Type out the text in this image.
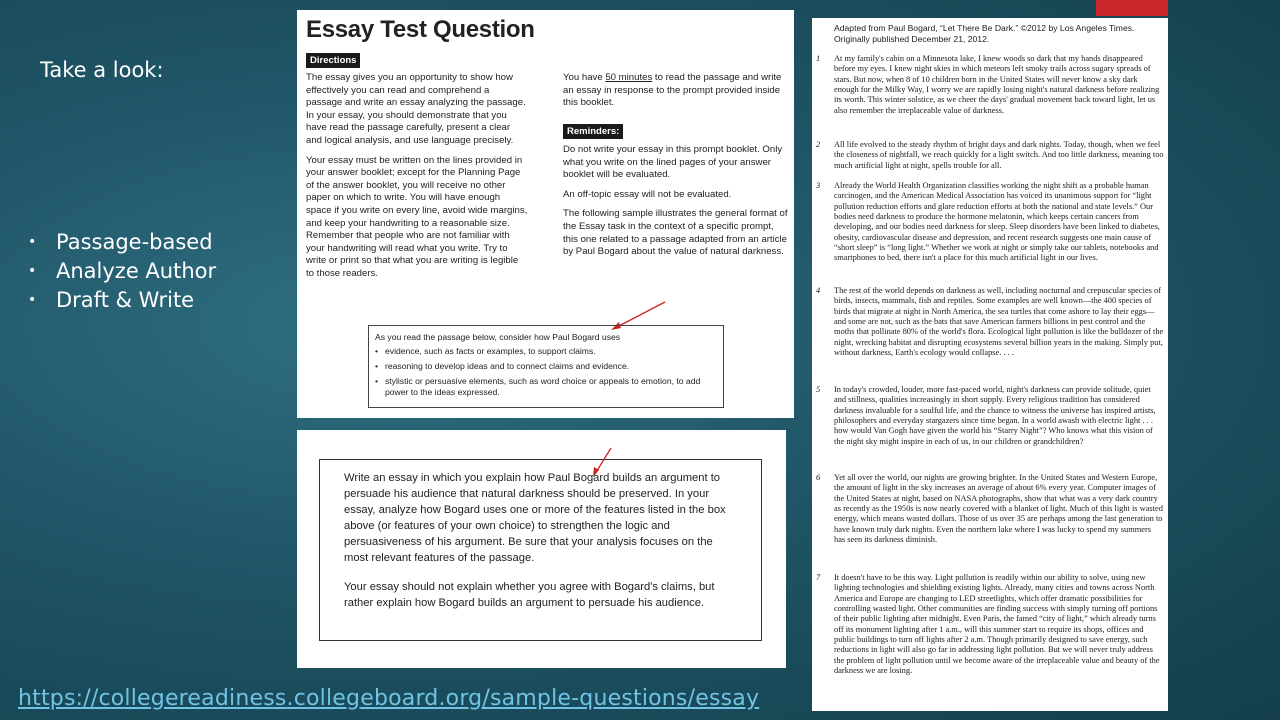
Take a look:
• Passage-based
• Analyze Author
• Draft & Write
Essay Test Question
Directions

The essay gives you an opportunity to show how effectively you can read and comprehend a passage and write an essay analyzing the passage. In your essay, you should demonstrate that you have read the passage carefully, present a clear and logical analysis, and use language precisely.

Your essay must be written on the lines provided in your answer booklet; except for the Planning Page of the answer booklet, you will receive no other paper on which to write. You will have enough space if you write on every line, avoid wide margins, and keep your handwriting to a reasonable size. Remember that people who are not familiar with your handwriting will read what you write. Try to write or print so that what you are writing is legible to those readers.

You have 50 minutes to read the passage and write an essay in response to the prompt provided inside this booklet.

Reminders:

Do not write your essay in this prompt booklet. Only what you write on the lined pages of your answer booklet will be evaluated.

An off-topic essay will not be evaluated.

The following sample illustrates the general format of the Essay task in the context of a specific prompt, this one related to a passage adapted from an article by Paul Bogard about the value of natural darkness.

As you read the passage below, consider how Paul Bogard uses
• evidence, such as facts or examples, to support claims.
• reasoning to develop ideas and to connect claims and evidence.
• stylistic or persuasive elements, such as word choice or appeals to emotion, to add power to the ideas expressed.

Write an essay in which you explain how Paul Bogard builds an argument to persuade his audience that natural darkness should be preserved. In your essay, analyze how Bogard uses one or more of the features listed in the box above (or features of your own choice) to strengthen the logic and persuasiveness of his argument. Be sure that your analysis focuses on the most relevant features of the passage.

Your essay should not explain whether you agree with Bogard's claims, but rather explain how Bogard builds an argument to persuade his audience.

Adapted from Paul Bogard, “Let There Be Dark.” ©2012 by Los Angeles Times. Originally published December 21, 2012.
1 At my family's cabin on a Minnesota lake, I knew woods so dark that my hands disappeared before my eyes. I knew night skies in which meteors left smoky trails across sugary spreads of stars. But now, when 8 of 10 children born in the United States will never know a sky dark enough for the Milky Way, I worry we are rapidly losing night's natural darkness before realizing its worth. This winter solstice, as we cheer the days' gradual movement back toward light, let us also remember the irreplaceable value of darkness.
2 All life evolved to the steady rhythm of bright days and dark nights. Today, though, when we feel the closeness of nightfall, we reach quickly for a light switch. And too little darkness, meaning too much artificial light at night, spells trouble for all.
3 Already the World Health Organization classifies working the night shift as a probable human carcinogen, and the American Medical Association has voiced its unanimous support for “light pollution reduction efforts and glare reduction efforts at both the national and state levels.” Our bodies need darkness to produce the hormone melatonin, which keeps certain cancers from developing, and our bodies need darkness for sleep. Sleep disorders have been linked to diabetes, obesity, cardiovascular disease and depression, and recent research suggests one main cause of “short sleep” is “long light.” Whether we work at night or simply take our tablets, notebooks and smartphones to bed, there isn't a place for this much artificial light in our lives.
4 The rest of the world depends on darkness as well, including nocturnal and crepuscular species of birds, insects, mammals, fish and reptiles. Some examples are well known—the 400 species of birds that migrate at night in North America, the sea turtles that come ashore to lay their eggs—and some are not, such as the bats that save American farmers billions in pest control and the moths that pollinate 80% of the world's flora. Ecological light pollution is like the bulldozer of the night, wrecking habitat and disrupting ecosystems several billion years in the making. Simply put, without darkness, Earth's ecology would collapse. . . .
5 In today's crowded, louder, more fast-paced world, night's darkness can provide solitude, quiet and stillness, qualities increasingly in short supply. Every religious tradition has considered darkness invaluable for a soulful life, and the chance to witness the universe has inspired artists, philosophers and everyday stargazers since time began. In a world awash with electric light . . . how would Van Gogh have given the world his “Starry Night”? Who knows what this vision of the night sky might inspire in each of us, in our children or grandchildren?
6 Yet all over the world, our nights are growing brighter. In the United States and Western Europe, the amount of light in the sky increases an average of about 6% every year. Computer images of the United States at night, based on NASA photographs, show that what was a very dark country as recently as the 1950s is now nearly covered with a blanket of light. Much of this light is wasted energy, which means wasted dollars. Those of us over 35 are perhaps among the last generation to have known truly dark nights. Even the northern lake where I was lucky to spend my summers has seen its darkness diminish.
7 It doesn't have to be this way. Light pollution is readily within our ability to solve, using new lighting technologies and shielding existing lights. Already, many cities and towns across North America and Europe are changing to LED streetlights, which offer dramatic possibilities for controlling wasted light. Other communities are finding success with simply turning off portions of their public lighting after midnight. Even Paris, the famed “city of light,” which already turns off its monument lighting after 1 a.m., will this summer start to require its shops, offices and public buildings to turn off lights after 2 a.m. Though primarily designed to save energy, such reductions in light will also go far in addressing light pollution. But we will never truly address the problem of light pollution until we become aware of the irreplaceable value and beauty of the darkness we are losing.
https://collegereadiness.collegeboard.org/sample-questions/essay
